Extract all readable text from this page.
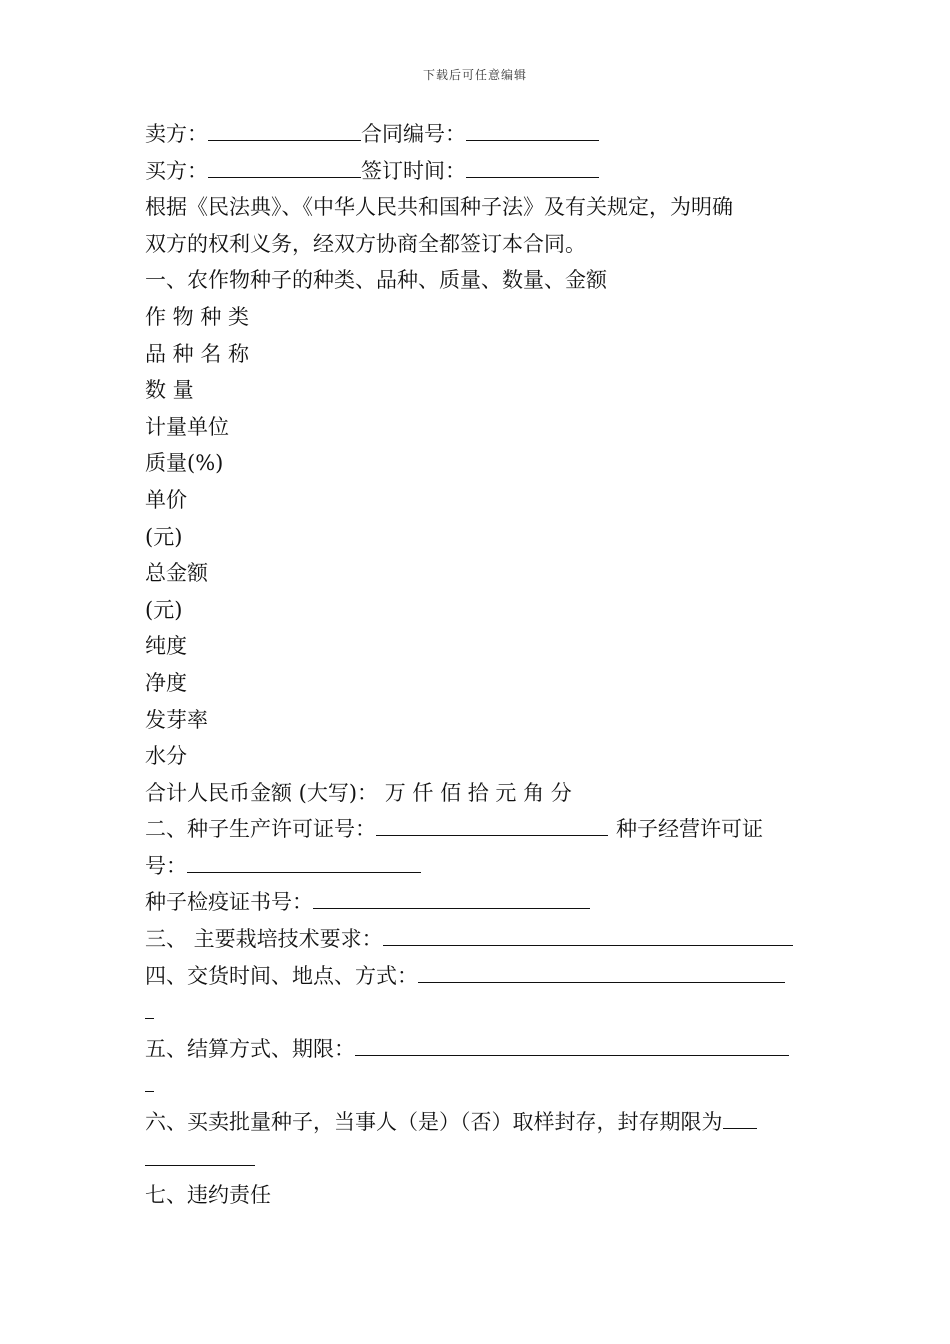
下载后可任意编辑
卖方：	合同编号：
买方：	签订时间：
根据《民法典》、《中华人民共和国种子法》及有关规定，为明确
双方的权利义务，经双方协商全都签订本合同。
一、农作物种子的种类、品种、质量、数量、金额
作 物 种 类
品 种 名 称
数 量
计量单位
质量(%)
单价
(元)
总金额
(元)
纯度
净度
发芽率
水分
合计人民币金额 (大写)： 万 仟 佰 拾 元 角 分
二、种子生产许可证号：	种子经营许可证
号：
种子检疫证书号：
三、 主要栽培技术要求：
四、交货时间、地点、方式：
五、结算方式、期限：
六、买卖批量种子，当事人（是）（否）取样封存，封存期限为
七、违约责任
